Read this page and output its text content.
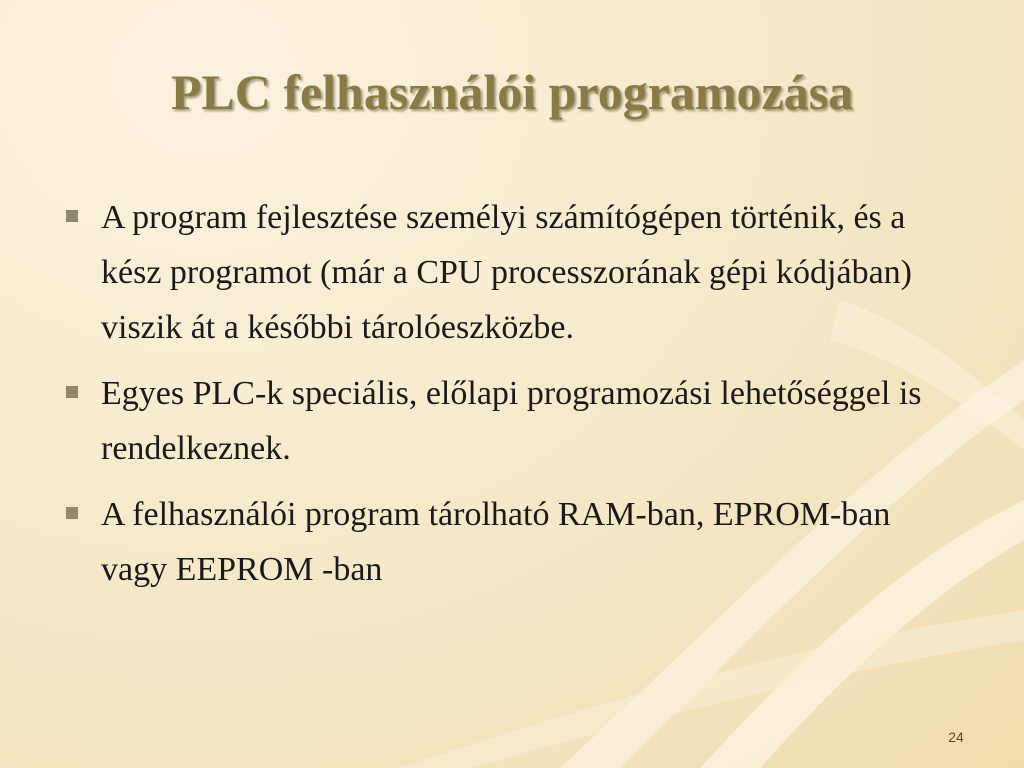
PLC felhasználói programozása
A program fejlesztése személyi számítógépen történik, és a kész programot (már a CPU processzorának gépi kódjában) viszik át a későbbi tárolóeszközbe.
Egyes PLC-k speciális, előlapi programozási lehetőséggel is rendelkeznek.
A felhasználói program tárolható RAM-ban, EPROM-ban vagy EEPROM -ban
24
